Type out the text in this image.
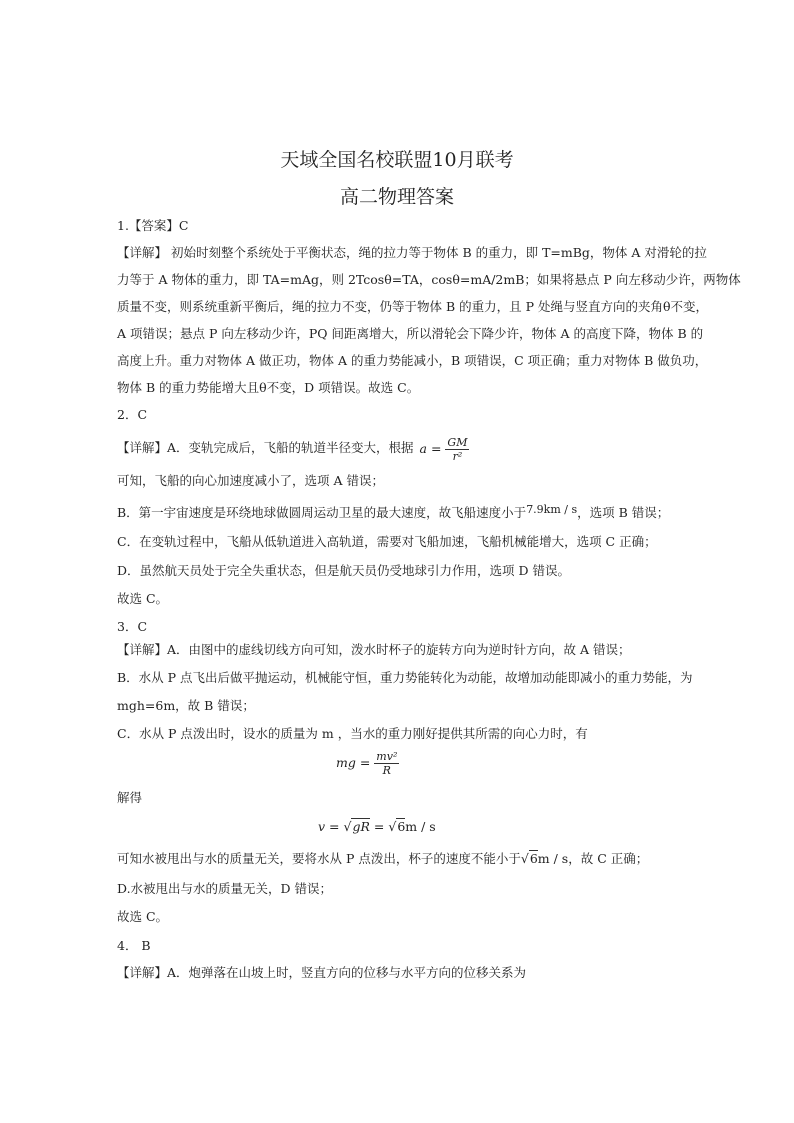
天域全国名校联盟10月联考
高二物理答案
1.【答案】C
【详解】 初始时刻整个系统处于平衡状态，绳的拉力等于物体 B 的重力，即 T=mBg，物体 A 对滑轮的拉
力等于 A 物体的重力，即 TA=mAg，则 2Tcosθ=TA，cosθ=mA/2mB；如果将悬点 P 向左移动少许，两物体
质量不变，则系统重新平衡后，绳的拉力不变，仍等于物体 B 的重力，且 P 处绳与竖直方向的夹角θ不变，
A 项错误；悬点 P 向左移动少许，PQ 间距离增大，所以滑轮会下降少许，物体 A 的高度下降，物体 B 的
高度上升。重力对物体 A 做正功，物体 A 的重力势能减小，B 项错误，C 项正确；重力对物体 B 做负功，
物体 B 的重力势能增大且θ不变，D 项错误。故选 C。
2．C
【详解】A．变轨完成后，飞船的轨道半径变大，根据 $a = \frac{GM}{\text{r²}}$
可知，飞船的向心加速度减小了，选项 A 错误；
B．第一宇宙速度是环绕地球做圆周运动卫星的最大速度，故飞船速度小于7.9km / s，选项 B 错误；
C．在变轨过程中，飞船从低轨道进入高轨道，需要对飞船加速，飞船机械能增大，选项 C 正确；
D．虽然航天员处于完全失重状态，但是航天员仍受地球引力作用，选项 D 错误。
故选 C。
3．C
【详解】A．由图中的虚线切线方向可知，泼水时杯子的旋转方向为逆时针方向，故 A 错误；
B．水从 P 点飞出后做平抛运动，机械能守恒，重力势能转化为动能，故增加动能即减小的重力势能，为
mgh=6m，故 B 错误；
C．水从 P 点泼出时，设水的质量为 m ，当水的重力刚好提供其所需的向心力时，有
mg = $\frac{\text{mv²}}{R}$
解得
v = √gR = √6m / s
可知水被甩出与水的质量无关，要将水从 P 点泼出，杯子的速度不能小于√6m / s，故 C 正确；
D.水被甩出与水的质量无关，D 错误；
故选 C。
4． B
【详解】A．炮弹落在山坡上时，竖直方向的位移与水平方向的位移关系为
